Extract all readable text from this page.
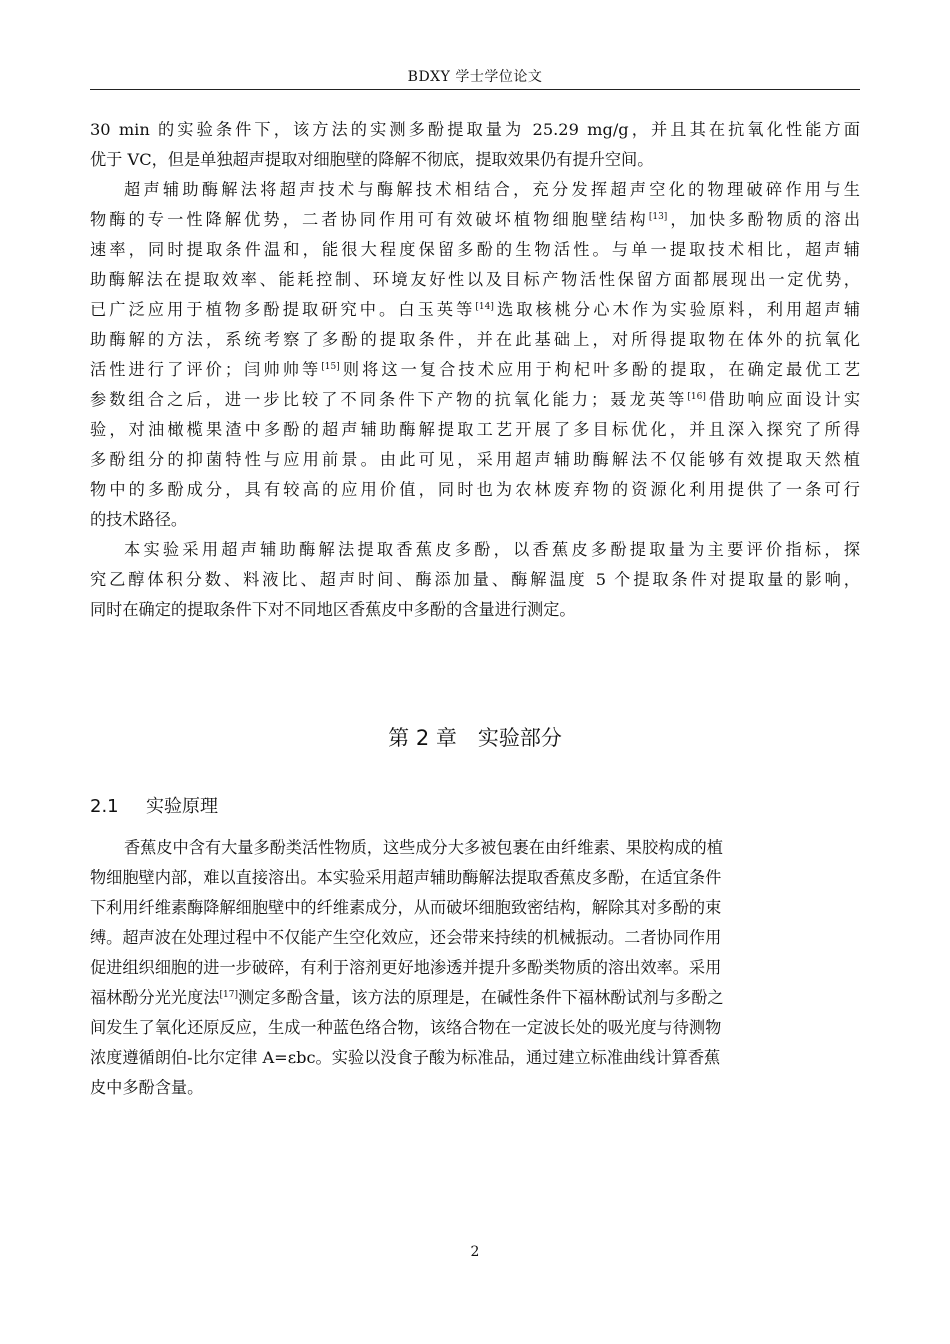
BDXY 学士学位论文

30 min 的实验条件下，该方法的实测多酚提取量为 25.29 mg/g，并且其在抗氧化性能方面
优于 VC，但是单独超声提取对细胞壁的降解不彻底，提取效果仍有提升空间。

超声辅助酶解法将超声技术与酶解技术相结合，充分发挥超声空化的物理破碎作用与生
物酶的专一性降解优势，二者协同作用可有效破坏植物细胞壁结构[13]，加快多酚物质的溶出
速率，同时提取条件温和，能很大程度保留多酚的生物活性。与单一提取技术相比，超声辅
助酶解法在提取效率、能耗控制、环境友好性以及目标产物活性保留方面都展现出一定优势，
已广泛应用于植物多酚提取研究中。白玉英等[14]选取核桃分心木作为实验原料，利用超声辅
助酶解的方法，系统考察了多酚的提取条件，并在此基础上，对所得提取物在体外的抗氧化
活性进行了评价；闫帅帅等[15]则将这一复合技术应用于枸杞叶多酚的提取，在确定最优工艺
参数组合之后，进一步比较了不同条件下产物的抗氧化能力；聂龙英等[16]借助响应面设计实
验，对油橄榄果渣中多酚的超声辅助酶解提取工艺开展了多目标优化，并且深入探究了所得
多酚组分的抑菌特性与应用前景。由此可见，采用超声辅助酶解法不仅能够有效提取天然植
物中的多酚成分，具有较高的应用价值，同时也为农林废弃物的资源化利用提供了一条可行
的技术路径。

本实验采用超声辅助酶解法提取香蕉皮多酚，以香蕉皮多酚提取量为主要评价指标，探
究乙醇体积分数、料液比、超声时间、酶添加量、酶解温度 5 个提取条件对提取量的影响，
同时在确定的提取条件下对不同地区香蕉皮中多酚的含量进行测定。

第 2 章　实验部分
2.1 实验原理

香蕉皮中含有大量多酚类活性物质，这些成分大多被包裹在由纤维素、果胶构成的植
物细胞壁内部，难以直接溶出。本实验采用超声辅助酶解法提取香蕉皮多酚，在适宜条件
下利用纤维素酶降解细胞壁中的纤维素成分，从而破坏细胞致密结构，解除其对多酚的束
缚。超声波在处理过程中不仅能产生空化效应，还会带来持续的机械振动。二者协同作用
促进组织细胞的进一步破碎，有利于溶剂更好地渗透并提升多酚类物质的溶出效率。采用
福林酚分光光度法[17]测定多酚含量，该方法的原理是，在碱性条件下福林酚试剂与多酚之
间发生了氧化还原反应，生成一种蓝色络合物，该络合物在一定波长处的吸光度与待测物
浓度遵循朗伯-比尔定律 A=εbc。实验以没食子酸为标准品，通过建立标准曲线计算香蕉
皮中多酚含量。

2
